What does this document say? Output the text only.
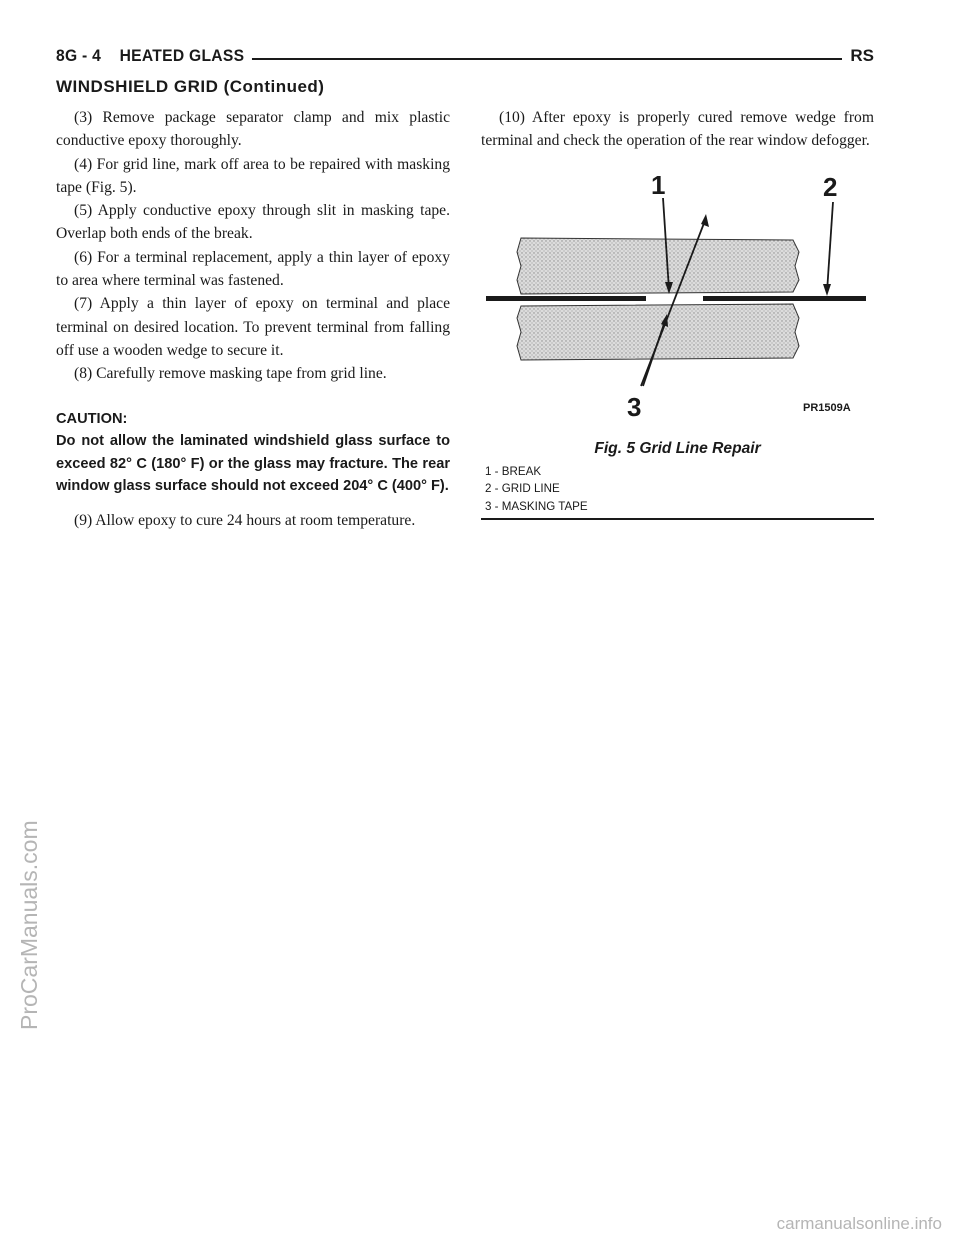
8G - 4    HEATED GLASS	RS
WINDSHIELD GRID (Continued)

(3) Remove package separator clamp and mix plastic conductive epoxy thoroughly.

(4) For grid line, mark off area to be repaired with masking tape (Fig. 5).

(5) Apply conductive epoxy through slit in masking tape. Overlap both ends of the break.

(6) For a terminal replacement, apply a thin layer of epoxy to area where terminal was fastened.

(7) Apply a thin layer of epoxy on terminal and place terminal on desired location. To prevent terminal from falling off use a wooden wedge to secure it.

(8) Carefully remove masking tape from grid line.

CAUTION:
Do not allow the laminated windshield glass surface to exceed 82° C (180° F) or the glass may fracture. The rear window glass surface should not exceed 204° C (400° F).

(9) Allow epoxy to cure 24 hours at room temperature.

(10) After epoxy is properly cured remove wedge from terminal and check the operation of the rear window defogger.

1	2
3	PR1509A
Fig. 5 Grid Line Repair
1 - BREAK
2 - GRID LINE
3 - MASKING TAPE
ProCarManuals.com
carmanualsonline.info
